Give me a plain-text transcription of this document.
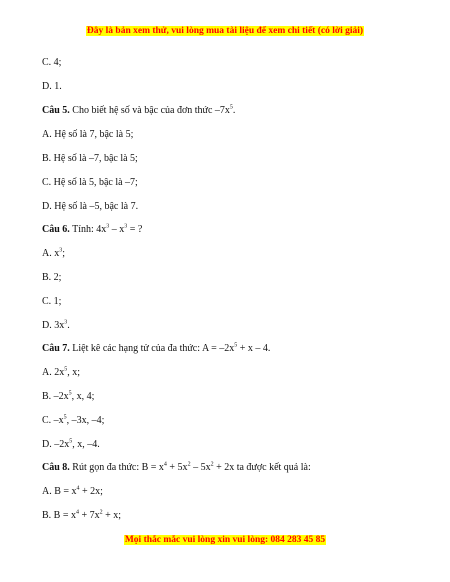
Đây là bản xem thử, vui lòng mua tài liệu để xem chi tiết (có lời giải)
C. 4;
D. 1.
Câu 5. Cho biết hệ số và bậc của đơn thức $-7x^5$.
A. Hệ số là 7, bậc là 5;
B. Hệ số là –7, bậc là 5;
C. Hệ số là 5, bậc là –7;
D. Hệ số là –5, bậc là 7.
Câu 6. Tính: $4x^3 - x^3$ = ?
A. $x^3$;
B. 2;
C. 1;
D. $3x^3$.
Câu 7. Liệt kê các hạng tử của đa thức: $A = -2x^5 + x - 4$.
A. $2x^5$, x;
B. $-2x^5$, x, 4;
C. $-x^5$, –3x, –4;
D. $-2x^5$, x, –4.
Câu 8. Rút gọn đa thức: $B = x^4 + 5x^2 - 5x^2 + 2x$ ta được kết quả là:
A. $B = x^4 + 2x$;
B. $B = x^4 + 7x^2 + x$;
Mọi thắc mắc vui lòng xin vui lòng: 084 283 45 85
